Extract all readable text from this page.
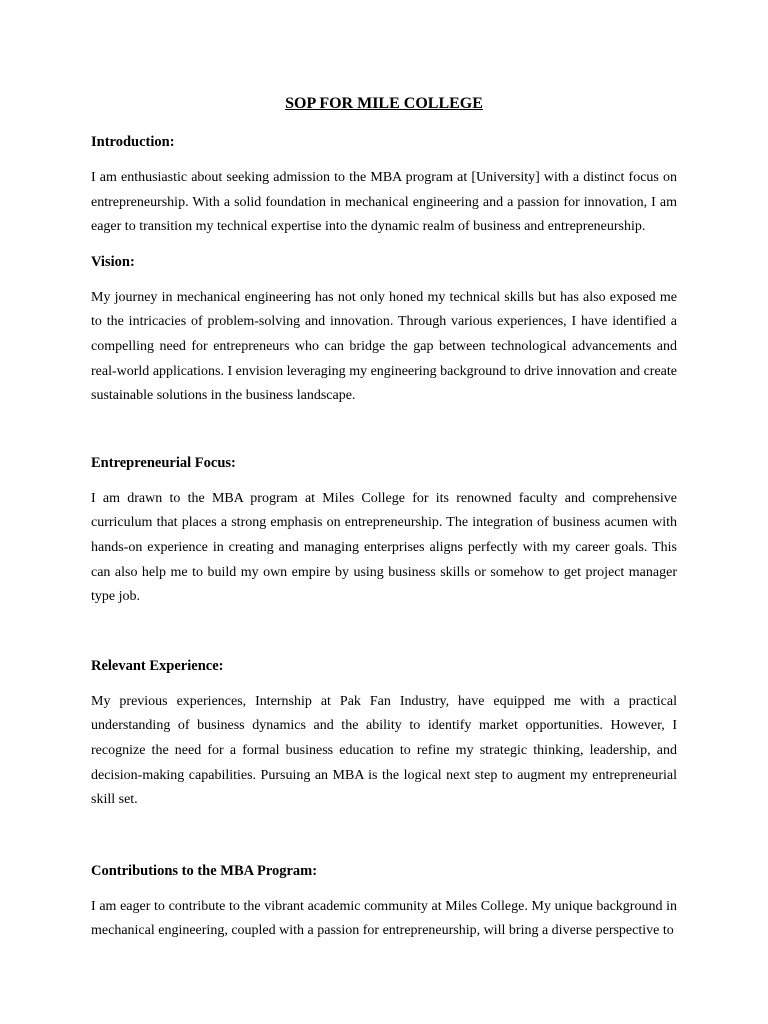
SOP FOR MILE COLLEGE
Introduction:

I am enthusiastic about seeking admission to the MBA program at [University] with a distinct focus on entrepreneurship. With a solid foundation in mechanical engineering and a passion for innovation, I am eager to transition my technical expertise into the dynamic realm of business and entrepreneurship.

Vision:

My journey in mechanical engineering has not only honed my technical skills but has also exposed me to the intricacies of problem-solving and innovation. Through various experiences, I have identified a compelling need for entrepreneurs who can bridge the gap between technological advancements and real-world applications. I envision leveraging my engineering background to drive innovation and create sustainable solutions in the business landscape.

Entrepreneurial Focus:

I am drawn to the MBA program at Miles College for its renowned faculty and comprehensive curriculum that places a strong emphasis on entrepreneurship. The integration of business acumen with hands-on experience in creating and managing enterprises aligns perfectly with my career goals. This can also help me to build my own empire by using business skills or somehow to get project manager type job.

Relevant Experience:

My previous experiences, Internship at Pak Fan Industry, have equipped me with a practical understanding of business dynamics and the ability to identify market opportunities. However, I recognize the need for a formal business education to refine my strategic thinking, leadership, and decision-making capabilities. Pursuing an MBA is the logical next step to augment my entrepreneurial skill set.

Contributions to the MBA Program:

I am eager to contribute to the vibrant academic community at Miles College. My unique background in mechanical engineering, coupled with a passion for entrepreneurship, will bring a diverse perspective to
